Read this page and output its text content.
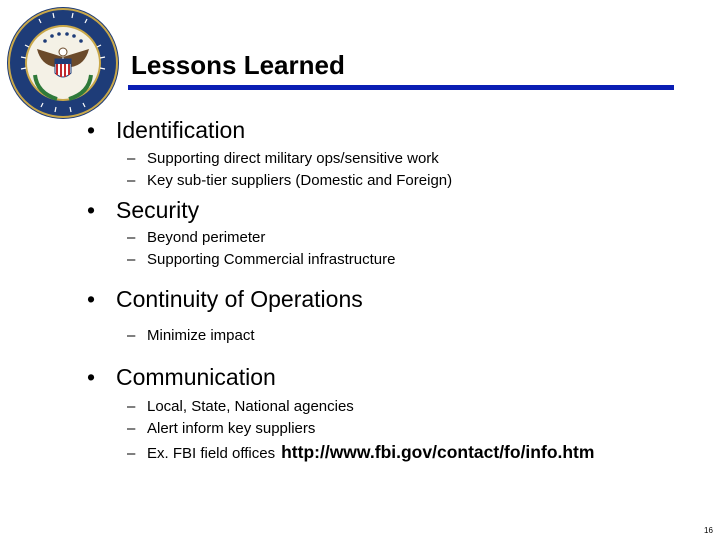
Lessons Learned
• Identification
– Supporting direct military ops/sensitive work
– Key sub-tier suppliers (Domestic and Foreign)
• Security
– Beyond perimeter
– Supporting Commercial infrastructure
• Continuity of Operations
– Minimize impact
• Communication
– Local, State, National agencies
– Alert inform key suppliers
– Ex. FBI field offices http://www.fbi.gov/contact/fo/info.htm
16
